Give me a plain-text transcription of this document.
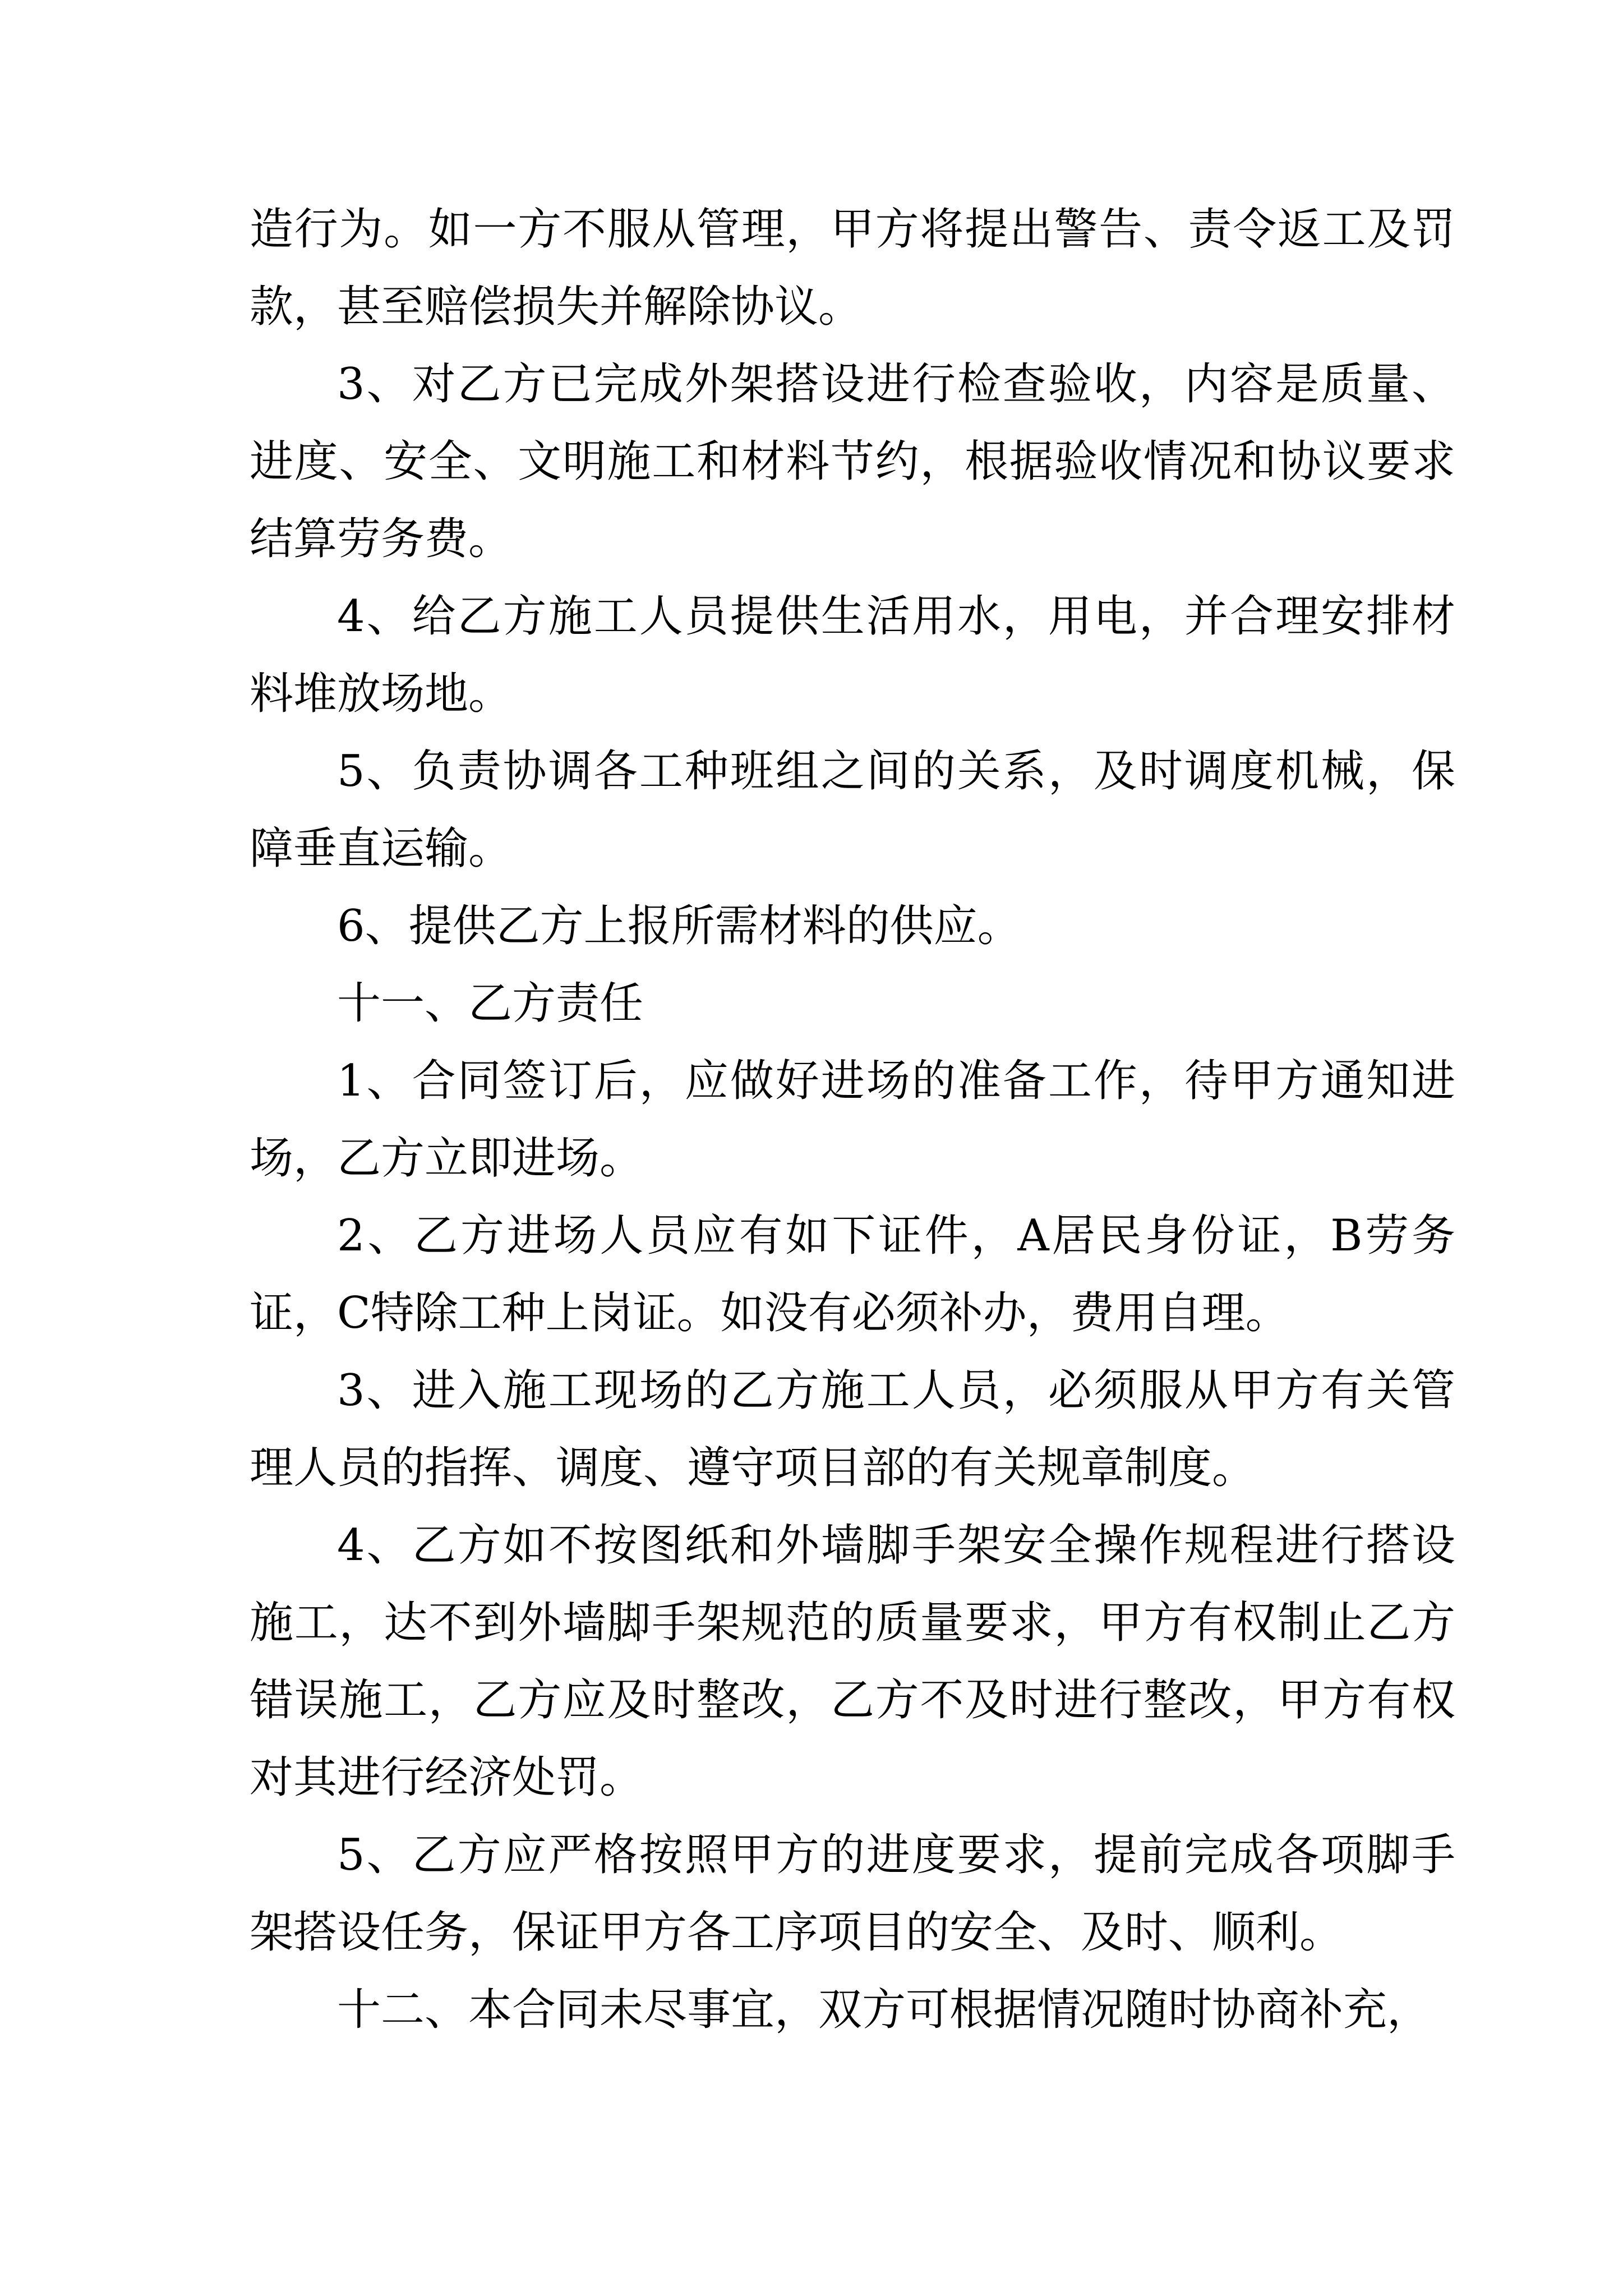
造行为。如一方不服从管理，甲方将提出警告、责令返工及罚款，甚至赔偿损失并解除协议。

3、对乙方已完成外架搭设进行检查验收，内容是质量、进度、安全、文明施工和材料节约，根据验收情况和协议要求结算劳务费。

4、给乙方施工人员提供生活用水，用电，并合理安排材料堆放场地。

5、负责协调各工种班组之间的关系，及时调度机械，保障垂直运输。

6、提供乙方上报所需材料的供应。

十一、乙方责任

1、合同签订后，应做好进场的准备工作，待甲方通知进场，乙方立即进场。

2、乙方进场人员应有如下证件，A居民身份证，B劳务证，C特除工种上岗证。如没有必须补办，费用自理。

3、进入施工现场的乙方施工人员，必须服从甲方有关管理人员的指挥、调度、遵守项目部的有关规章制度。

4、乙方如不按图纸和外墙脚手架安全操作规程进行搭设施工，达不到外墙脚手架规范的质量要求，甲方有权制止乙方错误施工，乙方应及时整改，乙方不及时进行整改，甲方有权对其进行经济处罚。

5、乙方应严格按照甲方的进度要求，提前完成各项脚手架搭设任务，保证甲方各工序项目的安全、及时、顺利。

十二、本合同未尽事宜，双方可根据情况随时协商补充，
